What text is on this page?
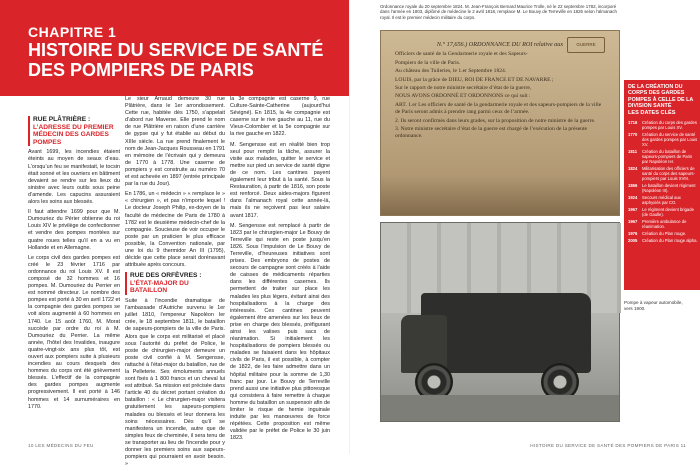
CHAPITRE 1
HISTOIRE DU SERVICE DE SANTÉ
DES POMPIERS DE PARIS
RUE PLÂTRIÈRE :
L’ADRESSE DU PREMIER MÉDECIN DES GARDES POMPES

Avant 1699, les incendies étaient éteints au moyen de seaux d’eau. L’orsqu’un feu se manifestait, le tocsin était sonné et les ouvriers en bâtiment devaient se rendre sur les lieux du sinistre avec leurs outils sous peine d’amende. Les capucins assuraient alors les soins aux blessés.

Il faut attendre 1699 pour que M. Dumouriez du Périer obtienne du roi Louis XIV le privilège de confectionner et vendre des pompes montées sur quatre roues telles qu’il en a vu en Hollande et en Allemagne.

Le corps civil des gardes pompes est créé le 23 février 1716 par ordonnance du roi Louis XV. Il est composé de 32 hommes et 16 pompes. M. Dumouriez du Perrier en est nommé directeur. Le nombre des pompes est porté à 30 en avril 1722 et la compagnie des gardes pompes se voit alors augmenté à 60 hommes en 1740. Le 15 août 1760, M. Morat succède par ordre du roi à M. Dumouriez du Perrier. La même année, l’hôtel des Invalides, inaugure quatre-vingt-six ans plus tôt, est ouvert aux pompiers suite à plusieurs incendies au cours desquels des hommes du corps ont été grièvement blessés. L’effectif de la compagnie des gardes pompes augmente progressivement. Il est porté à 146 hommes et 14 surnuméraires en 1770.

Le sieur Arnaud demeure 30 rue Plâtrière, dans le 1er arrondissement. Cette rue, habitée dès 1750, s’appelait d’abord rue Maverse. Elle prend le nom de rue Plâtrière en raison d’une carrière de gypse qui y fut établie au début du XIIIe siècle. La rue prend finalement le nom de Jean-Jacques Rousseau en 1791 en mémoire de l’écrivain qui y demeura de 1770 à 1778. Une caserne de pompiers y est construite au numéro 70 et est achevée en 1897 (entrée principale par la rue du Jour).

En 1786, un « médecin » « remplace le » « chirurgien », et pas n’importe lequel ! Le docteur Joseph Philip, ex-doyen de la faculté de médecine de Paris de 1780 à 1782 est le deuxième médecin-chef de la compagnie. Soucieuse de voir occuper le poste par un praticien le plus efficace possible, la Convention nationale, par une loi du 9 thermidor An III (1795), décide que cette place serait dorénavant attribuée après concours.

RUE DES ORFÈVRES :
L’ÉTAT-MAJOR DU BATAILLON

Suite à l’incendie dramatique de l’ambassade d’Autriche survenu le 1er juillet 1810, l’empereur Napoléon Ier crée, le 18 septembre 1811, le bataillon de sapeurs-pompiers de la ville de Paris. Alors que le corps est militarisé et placé sous l’autorité du préfet de Police, le poste de chirurgien-major demeure un poste civil confié à M. Sengensse, rattaché à l’état-major du bataillon, rue de la Pelleterie. Ses émoluments annuels sont fixés à 1 800 francs et un cheval lui est attribué. Sa mission est précisée dans l’article 40 du décret portant création du bataillon : « Le chirurgien-major visitera gratuitement les sapeurs-pompiers malades ou blessés et leur donnera les soins nécessaires. Dès qu’il se manifestera un incendie, autre que de simples feux de cheminée, il sera tenu de se transporter au lieu de l’incendie pour y donner les premiers soins aux sapeurs-pompiers qui pourraient en avoir besoin. »

la 3e compagnie est caserne 9, rue Culture-Sainte-Catherine (aujourd’hui Sévigné). En 1815, la 4e compagnie est caserne sur le rive gauche au 11, rue du Vieux-Colombier et la 5e compagnie sur la rive gauche en 1822.

M. Sengensse est en réalité bien trop seul pour remplir la tâche, assurer la visite aux malades, quitter le service et mettre sur pied un service de santé digne de ce nom. Les cantines payent également leur tribut à la santé. Sous la Restauration, à partir de 1816, son poste est renforcé. Deux aides-majors figurent dans l’almanach royal cette année-là, mais ils ne reçoivent pas leur salaire avant 1817.

M. Sengensse est remplacé à partir de 1823 par le chirurgien-major Le Bouvy de Terreville qui reste en poste jusqu’en 1826. Sous l’impulsion de Le Bouvy de Terreville, d’heureuses initiatives sont prises. Des embryons de postes de secours de campagne sont créés à l’aide de caisses de médicaments réparties dans les différentes casernes. Ils permettent de traiter sur place les malades les plus légers, évitant ainsi des hospitalisations à la charge des intéressés. Ces cantines peuvent également être amenées sur les lieux de prise en charge des blessés, préfigurant ainsi les valises puis sacs de réanimation. Si initialement les hospitalisations de pompiers blessés ou malades se faisaient dans les hôpitaux civils de Paris, il est possible, à compter de 1822, de les faire admettre dans un hôpital militaire pour la somme de 1,30 franc par jour. Le Bouvy de Terreville prend aussi une initiative plus pittoresque qui consistera à faire remettre à chaque homme du bataillon un suspensoir afin de limiter le risque de hernie inguinale induite par les manœuvres de force répétées. Cette proposition est même validée par le préfet de Police le 30 juin 1823.

10 LES MÉDECINS DU FEU	HISTOIRE DU SERVICE DE SANTÉ DES POMPIERS DE PARIS 11
Ordonnance royale du 20 septembre 1824. M. Jean-François Bernard Maurice Trolle, né le 22 septembre 1782, incorporé dans l’armée en 1803, diplômé de médecine le 2 avril 1818, remplace M. Le Bouvy de Terreville en 1826 selon l’almanach royal. Il est le premier médecin militaire du corps.
GUERRE
N.° 17,656.) ORDONNANCE DU ROI relative aux
Officiers de santé de la Gendarmerie royale et des Sapeurs-
Pompiers de la ville de Paris.
Au château des Tuileries, le 1.er Septembre 1824.
LOUIS, par la grâce de DIEU, ROI DE FRANCE ET DE NAVARRE ;
Sur le rapport de notre ministre secrétaire d’état de la guerre,
NOUS AVONS ORDONNÉ ET ORDONNONS ce qui suit :
ART. 1.er Les officiers de santé de la gendarmerie royale et des sapeurs-pompiers de la ville de Paris seront admis à prendre rang parmi ceux de l’armée.
2. Ils seront confirmés dans leurs grades, sur la proposition de notre ministre de la guerre.
3. Notre ministre secrétaire d’état de la guerre est chargé de l’exécution de la présente ordonnance.
DE LA CRÉATION DU CORPS DES GARDES POMPES À CELLE DE LA DIVISION SANTÉ
LES DATES CLÉS
1716	Création du corps des gardes pompes par Louis XV.
1770	Création du service de santé des gardes pompes par Louis XV.
1811	Création du bataillon de sapeurs-pompiers de Paris par Napoléon Ier.
1824	Militarisation des officiers de santé du corps des sapeurs-pompiers par Louis XVIII.
1866	Le bataillon devient régiment (Napoléon III).
1924	Secours médical aux asphyxiés par CO.
1967	Le régiment devient brigade (de Gaulle).
1967	Première ambulance de réanimation.
1976	Création du Plan rouge.
2005	Création du Plan rouge alpha.
Pompe à vapeur automobile, vers 1900.
